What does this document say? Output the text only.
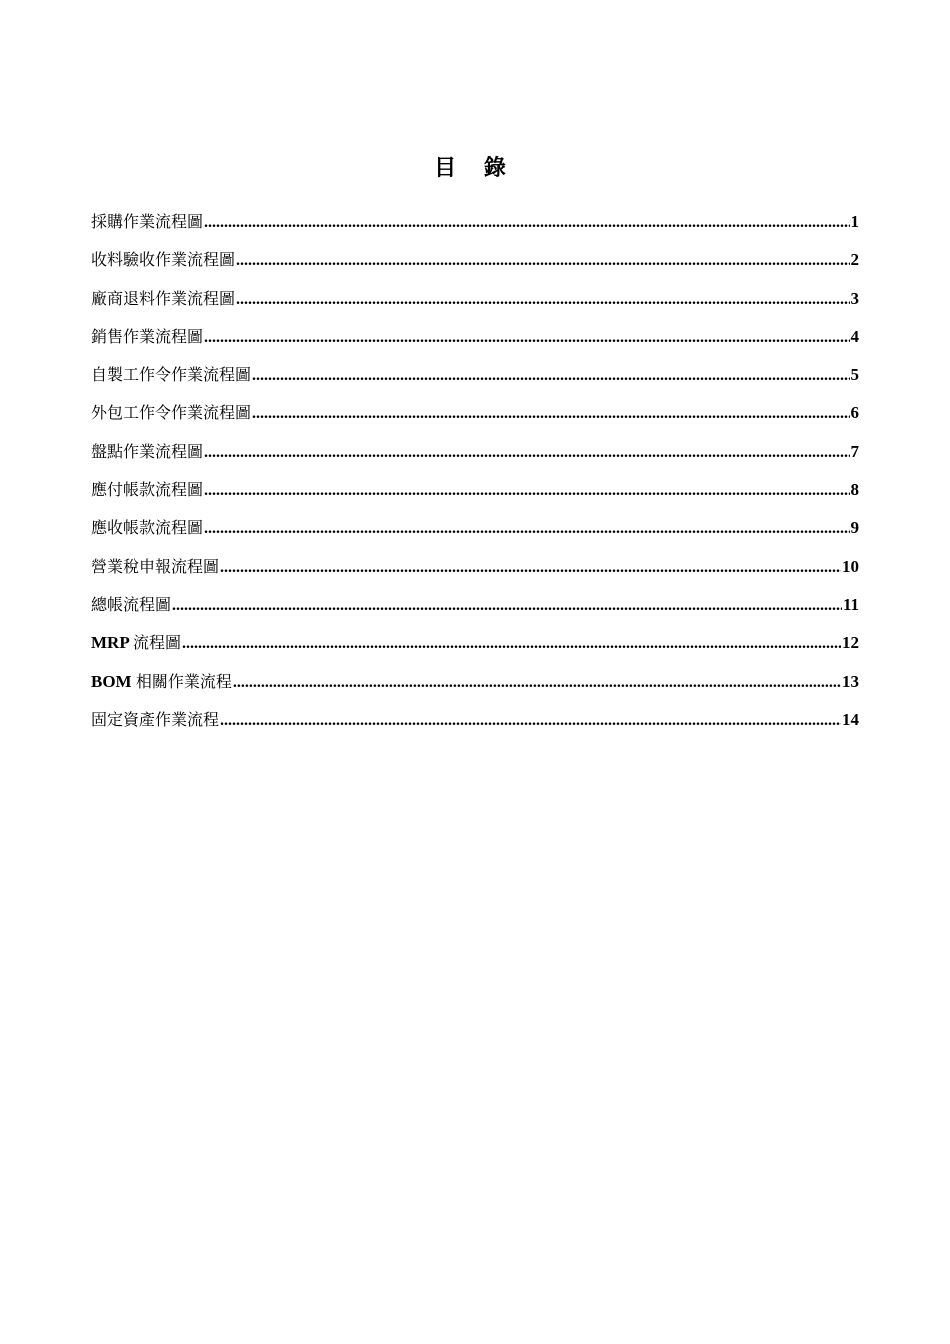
目 錄
採購作業流程圖 .....	1
收料驗收作業流程圖 .....	2
廠商退料作業流程圖 .....	3
銷售作業流程圖 .....	4
自製工作令作業流程圖 .....	5
外包工作令作業流程圖 .....	6
盤點作業流程圖 .....	7
應付帳款流程圖 .....	8
應收帳款流程圖 .....	9
營業稅申報流程圖 .....	10
總帳流程圖 .....	11
MRP 流程圖 .....	12
BOM 相關作業流程 .....	13
固定資產作業流程 .....	14
